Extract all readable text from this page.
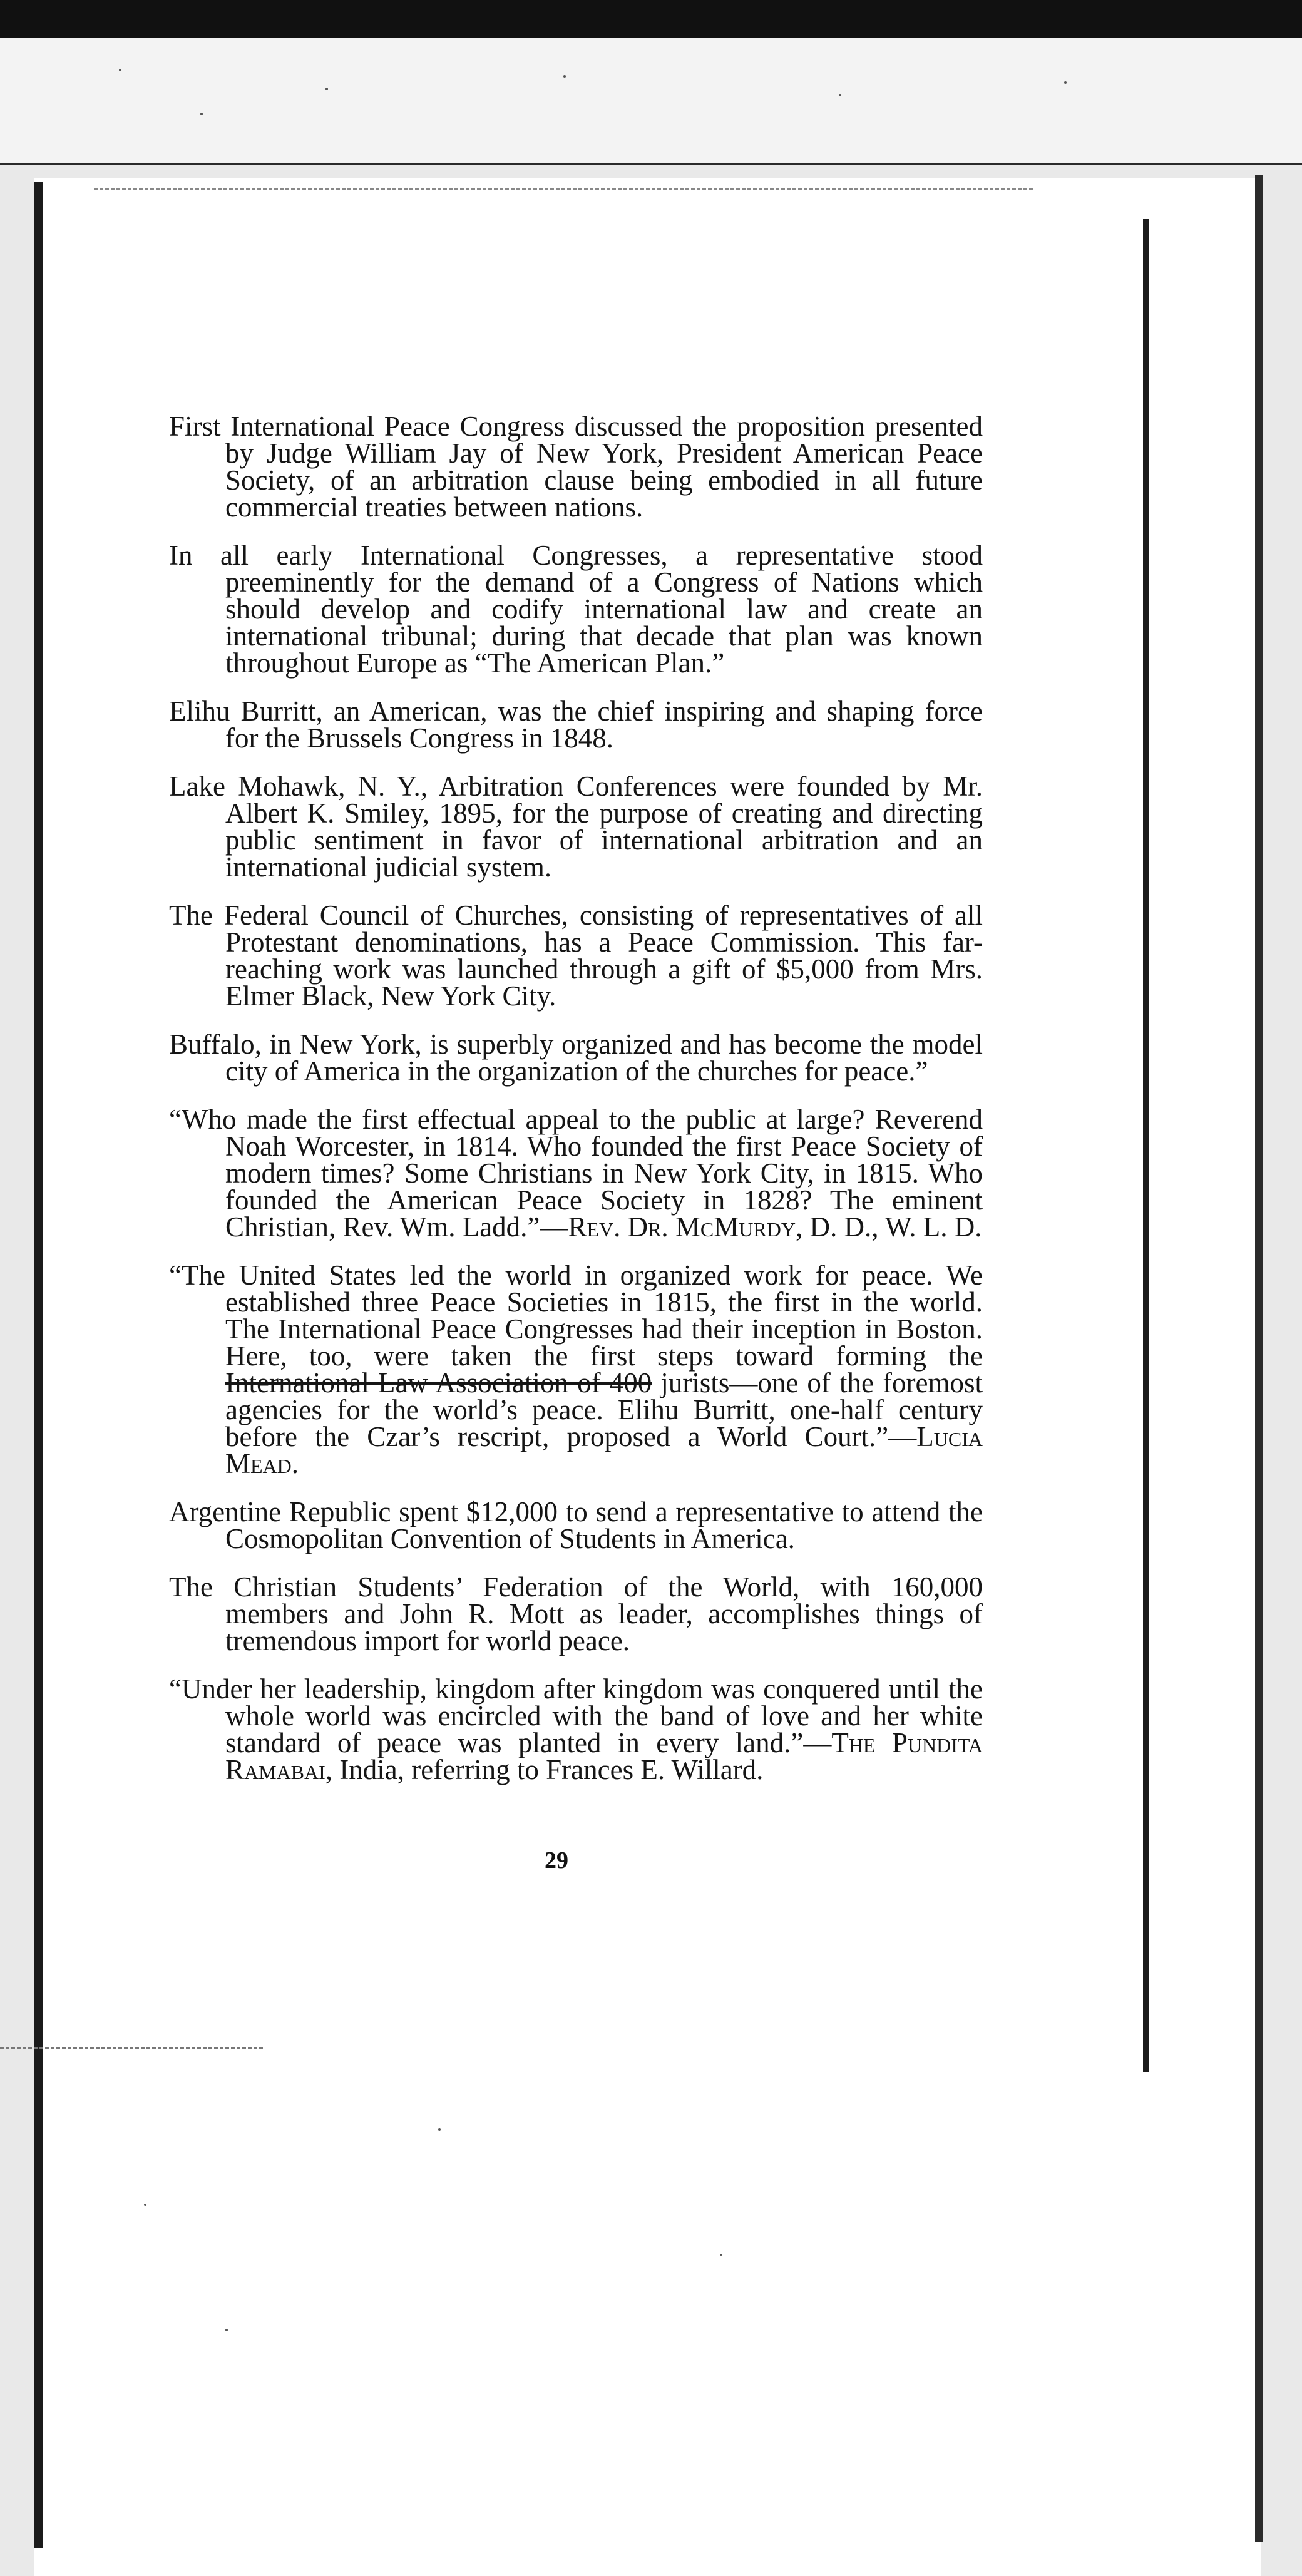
First International Peace Congress discussed the proposition presented by Judge William Jay of New York, President American Peace Society, of an arbitration clause being embodied in all future commercial treaties between nations.

In all early International Congresses, a representative stood preeminently for the demand of a Congress of Nations which should develop and codify international law and create an international tribunal; during that decade that plan was known throughout Europe as “The American Plan.”

Elihu Burritt, an American, was the chief inspiring and shaping force for the Brussels Congress in 1848.

Lake Mohawk, N. Y., Arbitration Conferences were founded by Mr. Albert K. Smiley, 1895, for the purpose of creating and directing public sentiment in favor of international arbitration and an international judicial system.

The Federal Council of Churches, consisting of representatives of all Protestant denominations, has a Peace Commission. This far-reaching work was launched through a gift of $5,000 from Mrs. Elmer Black, New York City.

Buffalo, in New York, is superbly organized and has become the model city of America in the organization of the churches for peace.”

“Who made the first effectual appeal to the public at large? Reverend Noah Worcester, in 1814. Who founded the first Peace Society of modern times? Some Christians in New York City, in 1815. Who founded the American Peace Society in 1828? The eminent Christian, Rev. Wm. Ladd.”—Rev. Dr. McMurdy, D. D., W. L. D.

“The United States led the world in organized work for peace. We established three Peace Societies in 1815, the first in the world. The International Peace Congresses had their inception in Boston. Here, too, were taken the first steps toward forming the International Law Association of 400 jurists—one of the foremost agencies for the world’s peace. Elihu Burritt, one-half century before the Czar’s rescript, proposed a World Court.”—Lucia Mead.

Argentine Republic spent $12,000 to send a representative to attend the Cosmopolitan Convention of Students in America.

The Christian Students’ Federation of the World, with 160,000 members and John R. Mott as leader, accomplishes things of tremendous import for world peace.

“Under her leadership, kingdom after kingdom was conquered until the whole world was encircled with the band of love and her white standard of peace was planted in every land.”—The Pundita Ramabai, India, referring to Frances E. Willard.

29
